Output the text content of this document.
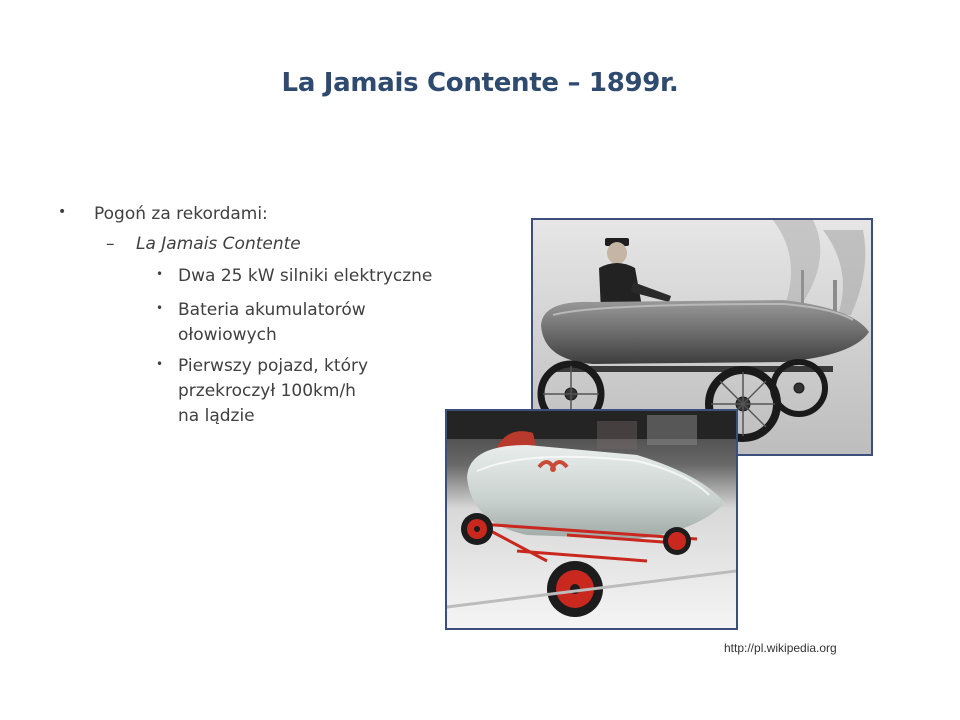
La Jamais Contente – 1899r.
• Pogoń za rekordami:
– La Jamais Contente
• Dwa 25 kW silniki elektryczne
• Bateria akumulatorów
ołowiowych
• Pierwszy pojazd, który
przekroczył 100km/h
na lądzie
http://pl.wikipedia.org
